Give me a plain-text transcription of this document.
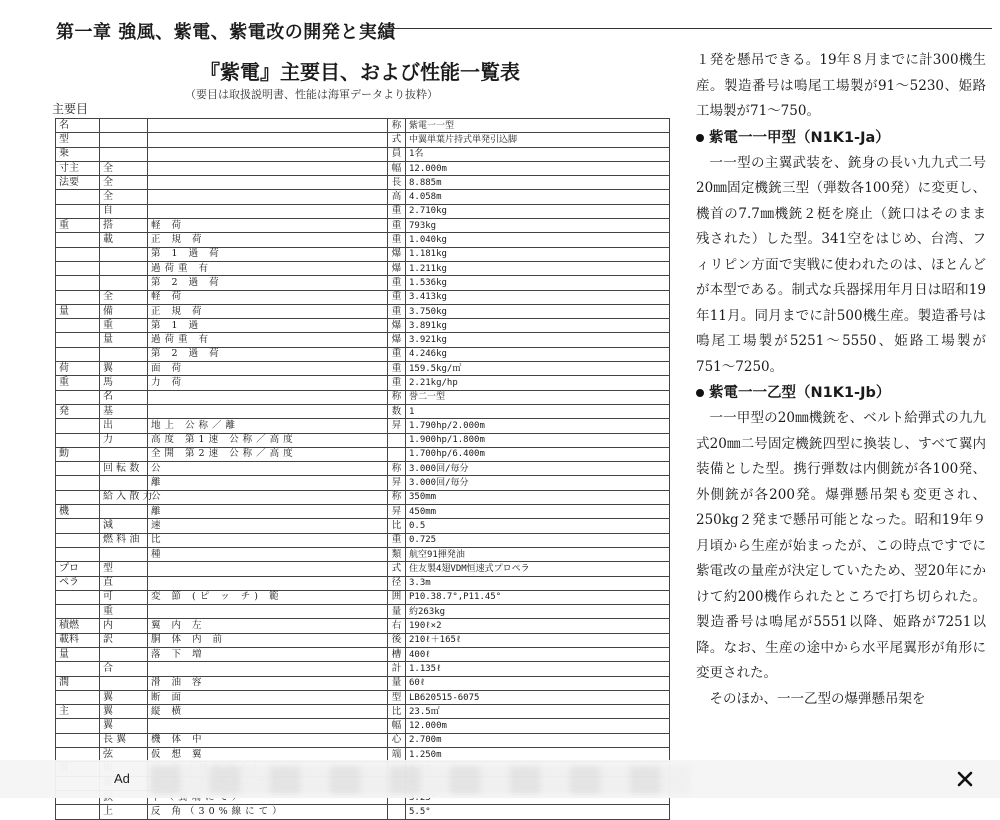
第一章 強風、紫電、紫電改の開発と実績
『紫電』主要目、および性能一覧表
（要目は取扱説明書、性能は海軍データより抜粋）
主要目
名			称	紫電一一型
型			式	中翼単葉片持式単発引込脚
乗			員	1名
寸主	全		幅	12.000m
法要	全		長	8.885m
	全		高	4.058m
	自		重	2.710kg
重	搭	軽 荷	重	793kg
	載	正 規 荷	重	1.040kg
		第 1 過 荷	爆	1.181kg
		過荷重 有	爆	1.211kg
		第 2 過 荷	重	1.536kg
	全	軽 荷	重	3.413kg
量	備	正 規 荷	重	3.750kg
	重	第 1 過	爆	3.891kg
	量	過荷重 有	爆	3.921kg
		第 2 過 荷	重	4.246kg
荷	翼	面 荷	重	159.5kg/㎡
重	馬	力 荷	重	2.21kg/hp
	名		称	誉二一型
発	基		数	1
	出	地上 公称／離	昇	1.790hp/2.000m
	力	高度 第1速 公称／高度		1.900hp/1.800m
動		全開 第2速 公称／高度		1.700hp/6.400m
	回 転 数	公	称	3.000回/毎分
		離	昇	3.000回/毎分
	給 入 散 力	公	称	350mm
機		離	昇	450mm
	減	速	比	0.5
	燃 料 油	比	重	0.725
		種	類	航空91揮発油
プロ	型		式	住友製4翅VDM恒速式プロペラ
ペラ	直		径	3.3m
	可	変 節 (ピ ッ チ) 範	囲	P10.38.7°,P11.45°
	重		量	約263kg
積燃	内	翼 内 左	右	190ℓ×2
載料	訳	胴 体 内 前	後	210ℓ＋165ℓ
量		落 下 増	槽	400ℓ
	合		計	1.135ℓ
潤		滑 油 容	量	60ℓ
	翼	断 面	型	LB620515-6075
主	翼	縦 横	比	23.5㎡
	翼		幅	12.000m
	長 翼	機 体 中	心	2.700m
	弦	仮 想 翼	端	1.250m

	上	反 角（30%線にて）		5.5°

１発を懸吊できる。19年８月までに計300機生産。製造番号は鳴尾工場製が91〜5230、姫路工場製が71〜750。

紫電一一甲型（N1K1-Ja）

一一型の主翼武装を、銃身の長い九九式二号20㎜固定機銃三型（弾数各100発）に変更し、機首の7.7㎜機銃２梃を廃止（銃口はそのまま残された）した型。341空をはじめ、台湾、フィリピン方面で実戦に使われたのは、ほとんどが本型である。制式な兵器採用年月日は昭和19年11月。同月までに計500機生産。製造番号は鳴尾工場製が5251〜5550、姫路工場製が751〜7250。

紫電一一乙型（N1K1-Jb）

一一甲型の20㎜機銃を、ベルト給弾式の九九式20㎜二号固定機銃四型に換装し、すべて翼内装備とした型。携行弾数は内側銃が各100発、外側銃が各200発。爆弾懸吊架も変更され、250kg２発まで懸吊可能となった。昭和19年９月頃から生産が始まったが、この時点ですでに紫電改の量産が決定していたため、翌20年にかけて約200機作られたところで打ち切られた。製造番号は鳴尾が5551以降、姫路が7251以降。なお、生産の途中から水平尾翼形が角形に変更された。

そのほか、一一乙型の爆弾懸吊架を

Ad
